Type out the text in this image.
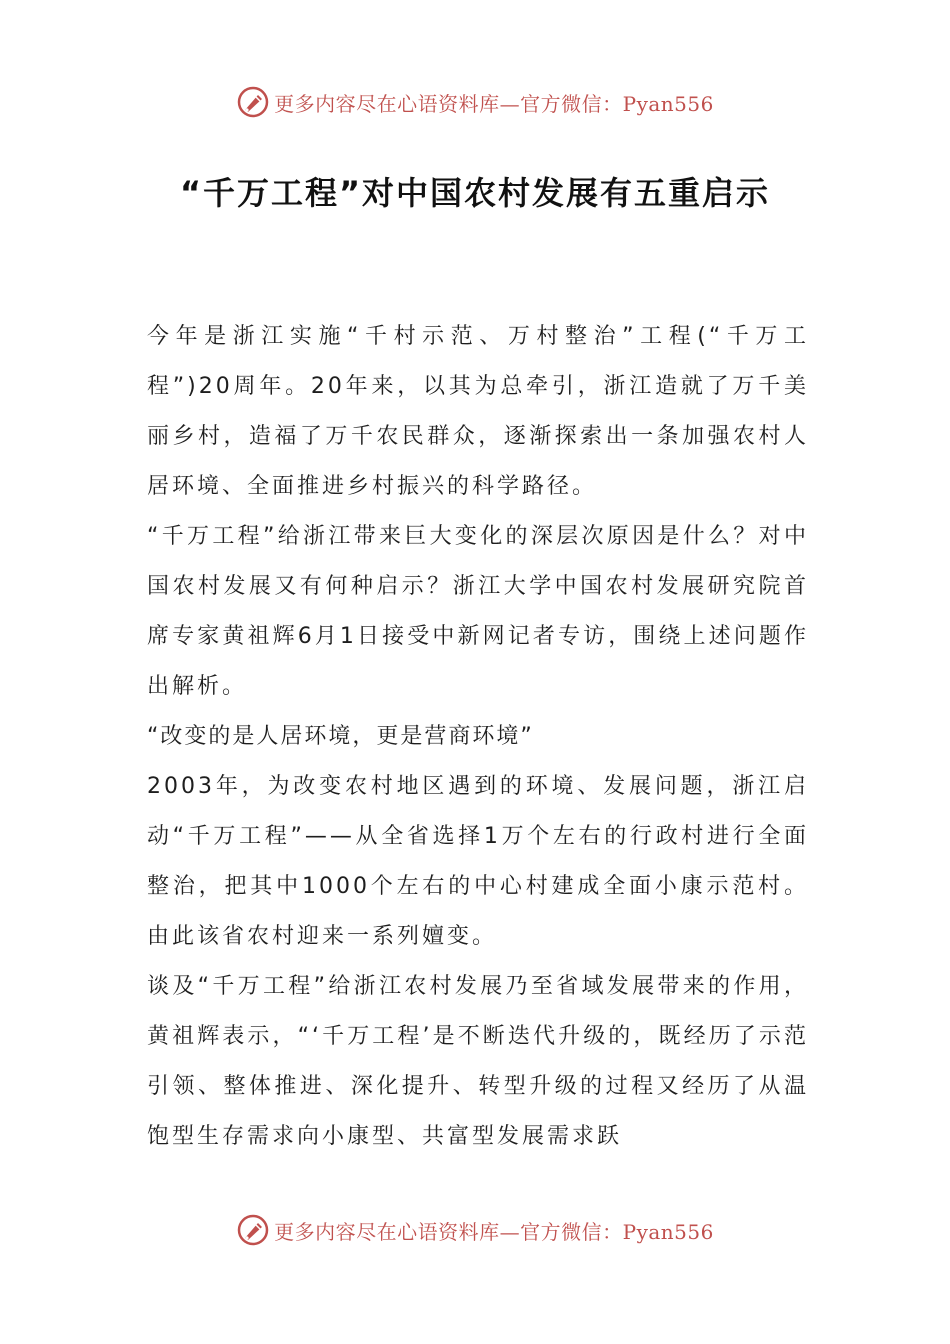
更多内容尽在心语资料库—官方微信：Pyan556
“千万工程”对中国农村发展有五重启示

今年是浙江实施“千村示范、万村整治”工程(“千万工程”)20周年。20年来，以其为总牵引，浙江造就了万千美丽乡村，造福了万千农民群众，逐渐探索出一条加强农村人居环境、全面推进乡村振兴的科学路径。

“千万工程”给浙江带来巨大变化的深层次原因是什么？对中国农村发展又有何种启示？浙江大学中国农村发展研究院首席专家黄祖辉6月1日接受中新网记者专访，围绕上述问题作出解析。

“改变的是人居环境，更是营商环境”

2003年，为改变农村地区遇到的环境、发展问题，浙江启动“千万工程”——从全省选择1万个左右的行政村进行全面整治，把其中1000个左右的中心村建成全面小康示范村。由此该省农村迎来一系列嬗变。

谈及“千万工程”给浙江农村发展乃至省域发展带来的作用，黄祖辉表示，“‘千万工程’是不断迭代升级的，既经历了示范引领、整体推进、深化提升、转型升级的过程又经历了从温饱型生存需求向小康型、共富型发展需求跃

更多内容尽在心语资料库—官方微信：Pyan556
